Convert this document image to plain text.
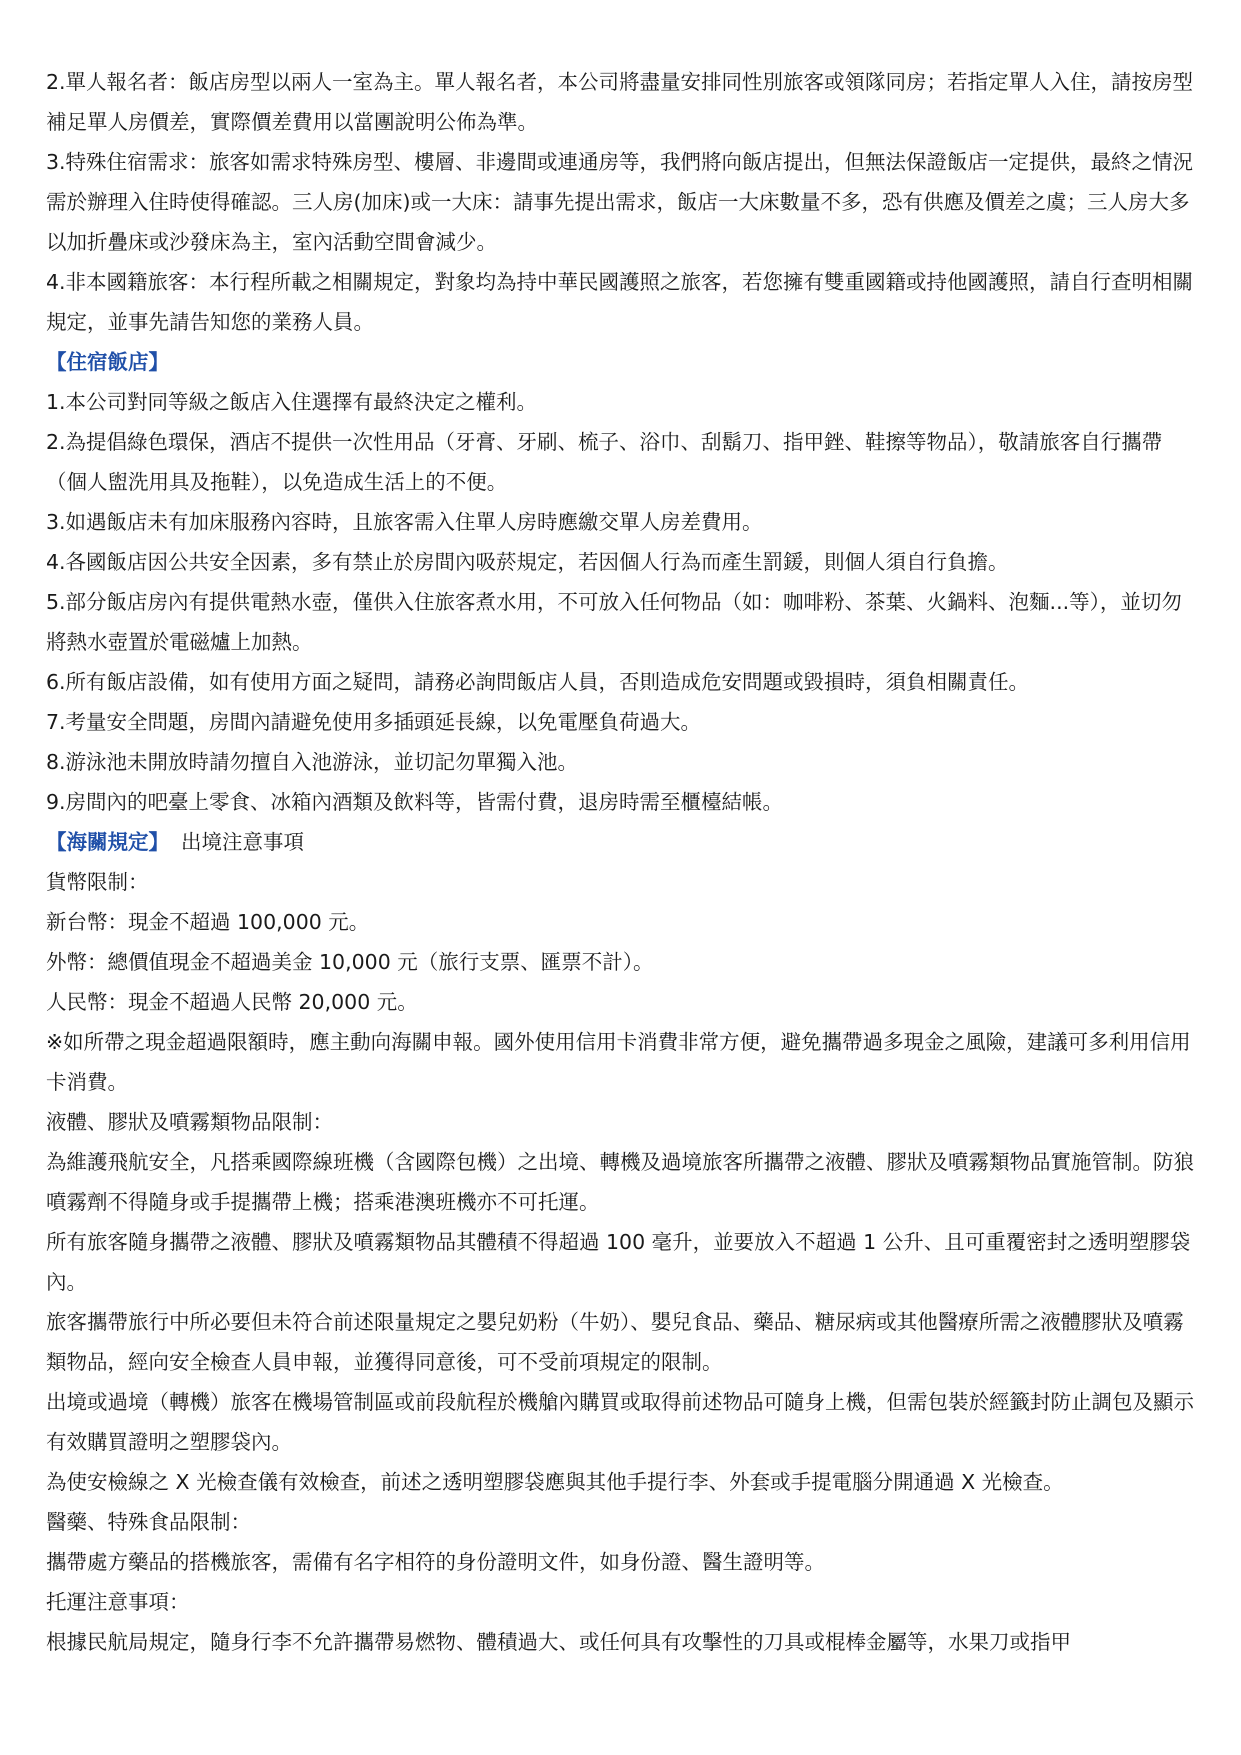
2.單人報名者：飯店房型以兩人一室為主。單人報名者，本公司將盡量安排同性別旅客或領隊同房；若指定單人入住，請按房型補足單人房價差，實際價差費用以當團說明公佈為準。

3.特殊住宿需求：旅客如需求特殊房型、樓層、非邊間或連通房等，我們將向飯店提出，但無法保證飯店一定提供，最終之情況需於辦理入住時使得確認。三人房(加床)或一大床：請事先提出需求，飯店一大床數量不多，恐有供應及價差之虞；三人房大多以加折疊床或沙發床為主，室內活動空間會減少。

4.非本國籍旅客：本行程所載之相關規定，對象均為持中華民國護照之旅客，若您擁有雙重國籍或持他國護照，請自行查明相關規定，並事先請告知您的業務人員。

【住宿飯店】

1.本公司對同等級之飯店入住選擇有最終決定之權利。

2.為提倡綠色環保，酒店不提供一次性用品（牙膏、牙刷、梳子、浴巾、刮鬍刀、指甲銼、鞋擦等物品），敬請旅客自行攜帶（個人盥洗用具及拖鞋），以免造成生活上的不便。

3.如遇飯店未有加床服務內容時，且旅客需入住單人房時應繳交單人房差費用。

4.各國飯店因公共安全因素，多有禁止於房間內吸菸規定，若因個人行為而產生罰鍰，則個人須自行負擔。

5.部分飯店房內有提供電熱水壺，僅供入住旅客煮水用，不可放入任何物品（如：咖啡粉、茶葉、火鍋料、泡麵...等），並切勿將熱水壺置於電磁爐上加熱。

6.所有飯店設備，如有使用方面之疑問，請務必詢問飯店人員，否則造成危安問題或毀損時，須負相關責任。

7.考量安全問題，房間內請避免使用多插頭延長線，以免電壓負荷過大。

8.游泳池未開放時請勿擅自入池游泳，並切記勿單獨入池。

9.房間內的吧臺上零食、冰箱內酒類及飲料等，皆需付費，退房時需至櫃檯結帳。

【海關規定】 出境注意事項

貨幣限制：

新台幣：現金不超過 100,000 元。

外幣：總價值現金不超過美金 10,000 元（旅行支票、匯票不計）。

人民幣：現金不超過人民幣 20,000 元。

※如所帶之現金超過限額時，應主動向海關申報。國外使用信用卡消費非常方便，避免攜帶過多現金之風險，建議可多利用信用卡消費。

液體、膠狀及噴霧類物品限制：

為維護飛航安全，凡搭乘國際線班機（含國際包機）之出境、轉機及過境旅客所攜帶之液體、膠狀及噴霧類物品實施管制。防狼噴霧劑不得隨身或手提攜帶上機；搭乘港澳班機亦不可托運。

所有旅客隨身攜帶之液體、膠狀及噴霧類物品其體積不得超過 100 毫升，並要放入不超過 1 公升、且可重覆密封之透明塑膠袋內。

旅客攜帶旅行中所必要但未符合前述限量規定之嬰兒奶粉（牛奶）、嬰兒食品、藥品、糖尿病或其他醫療所需之液體膠狀及噴霧類物品，經向安全檢查人員申報，並獲得同意後，可不受前項規定的限制。

出境或過境（轉機）旅客在機場管制區或前段航程於機艙內購買或取得前述物品可隨身上機，但需包裝於經籤封防止調包及顯示有效購買證明之塑膠袋內。

為使安檢線之 X 光檢查儀有效檢查，前述之透明塑膠袋應與其他手提行李、外套或手提電腦分開通過 X 光檢查。

醫藥、特殊食品限制：

攜帶處方藥品的搭機旅客，需備有名字相符的身份證明文件，如身份證、醫生證明等。

托運注意事項：

根據民航局規定，隨身行李不允許攜帶易燃物、體積過大、或任何具有攻擊性的刀具或棍棒金屬等，水果刀或指甲
